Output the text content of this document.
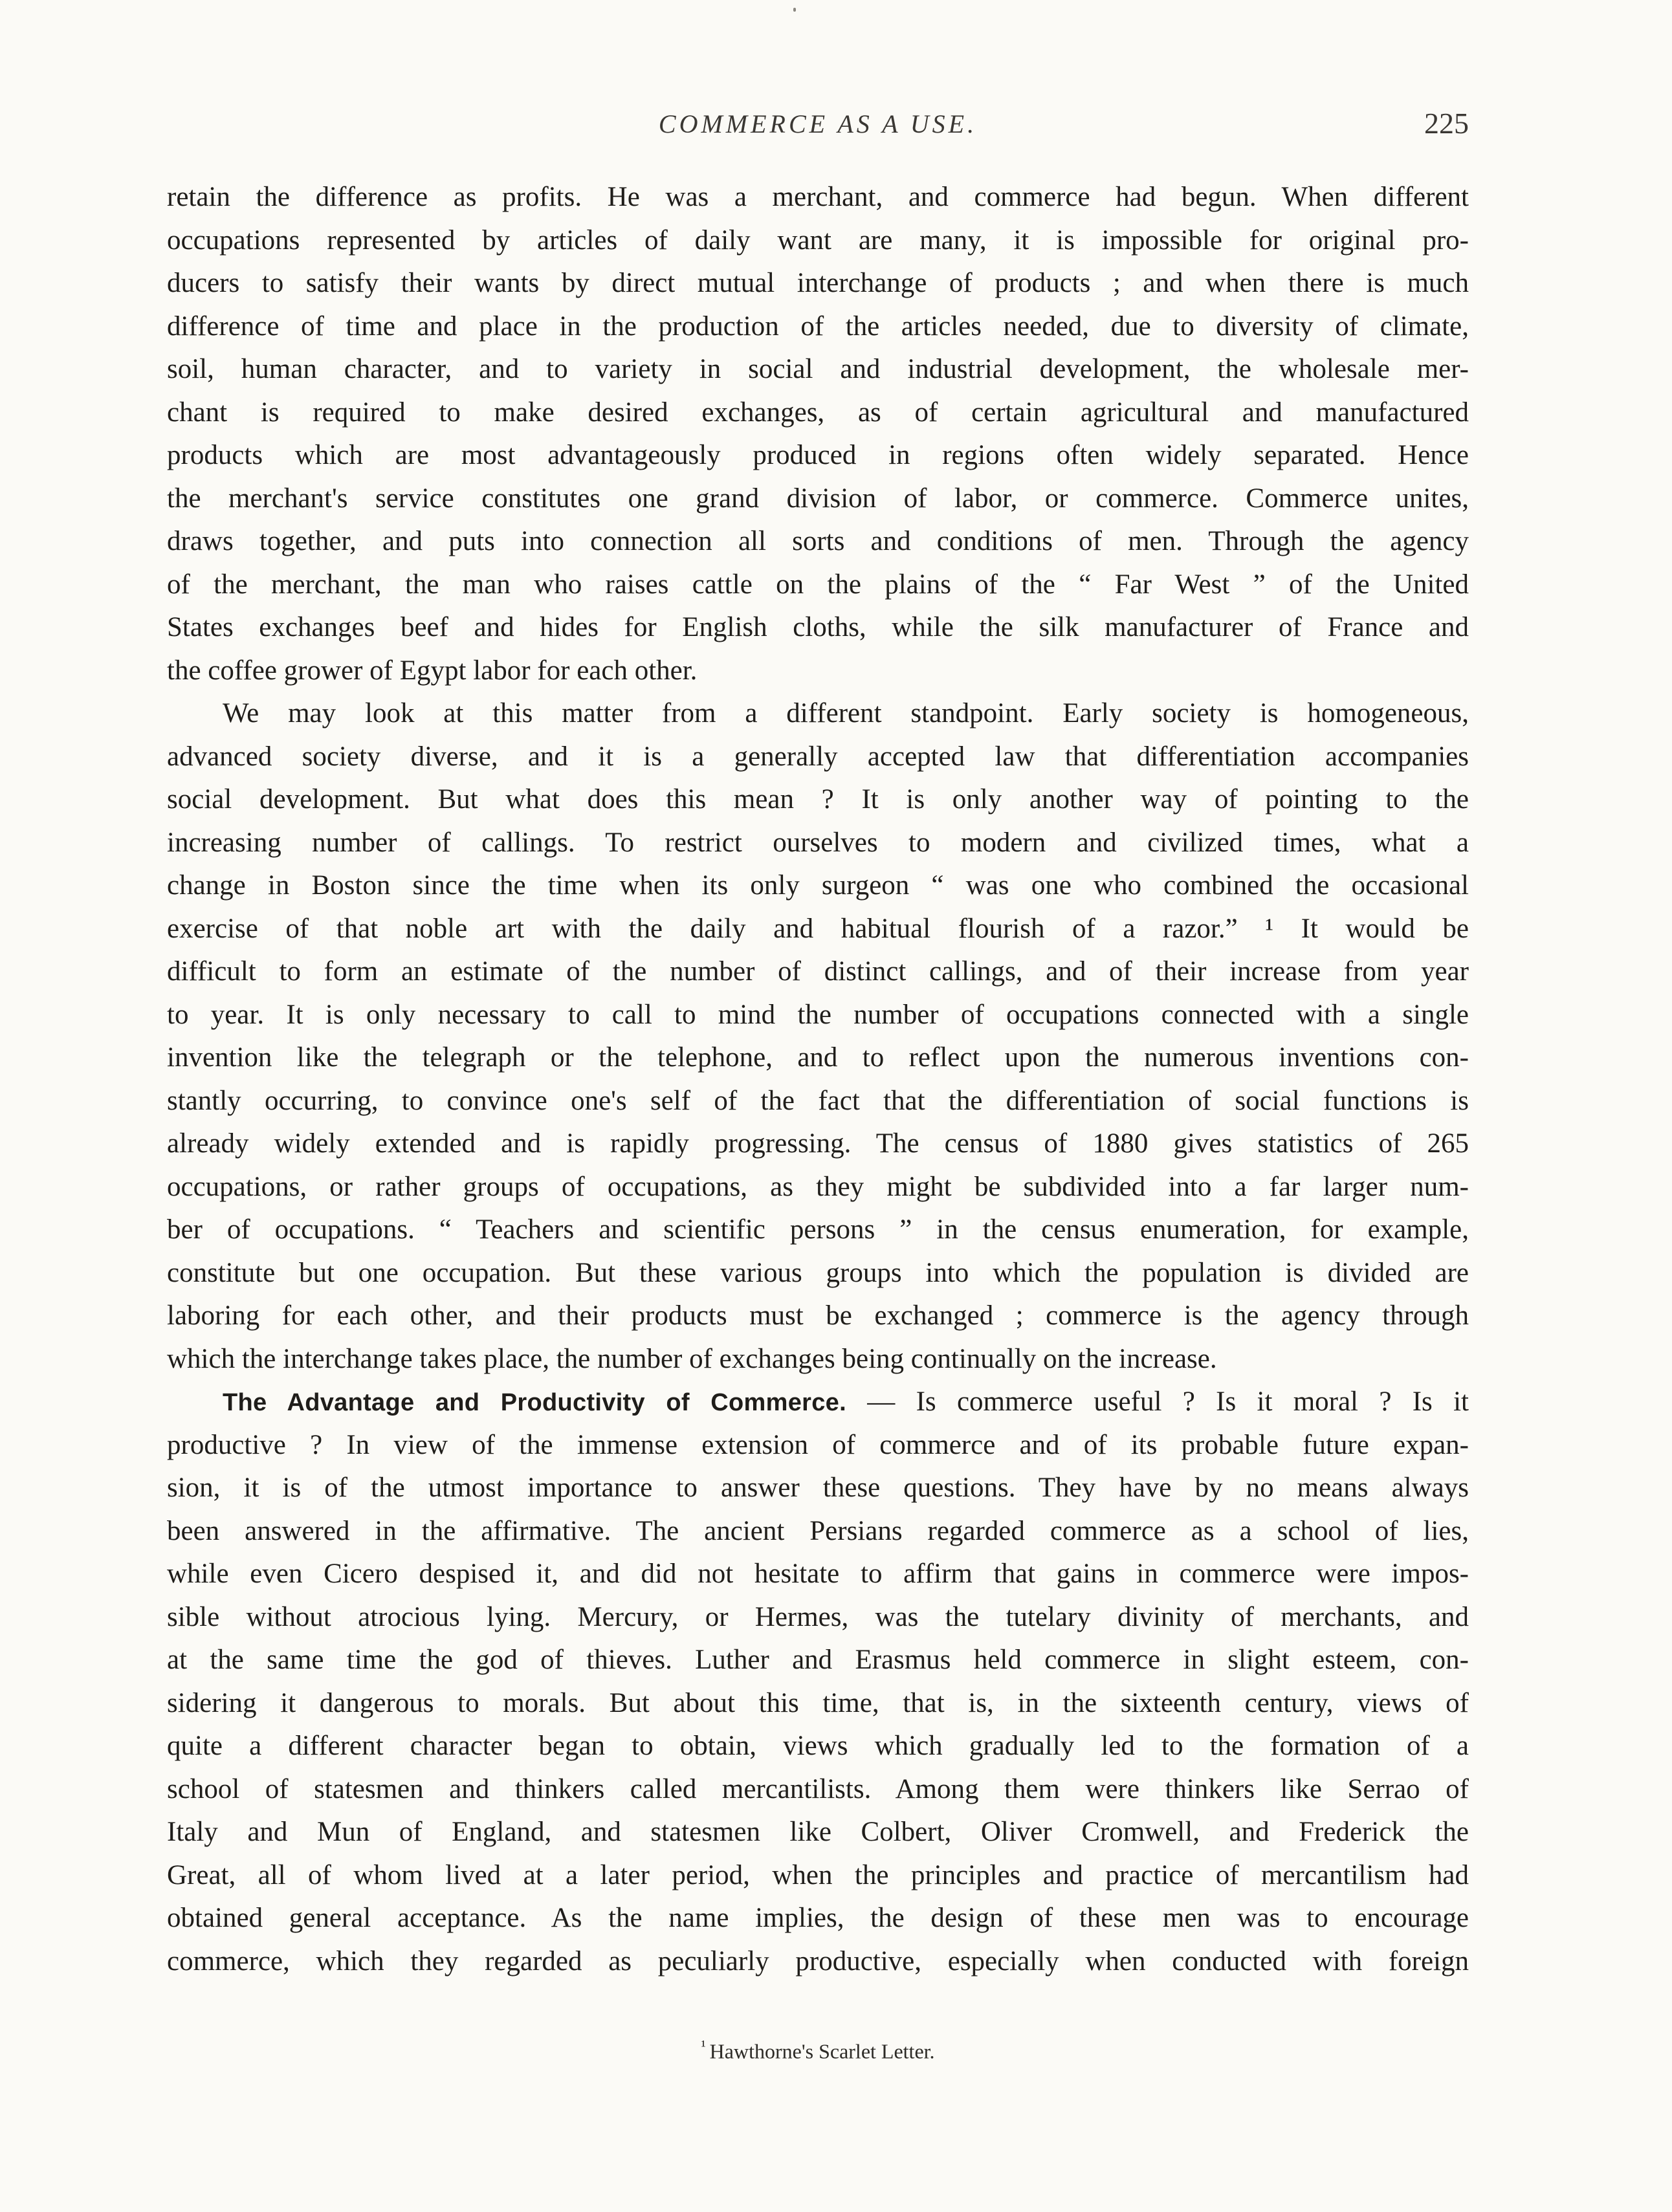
COMMERCE AS A USE.	225
retain the difference as profits. He was a merchant, and commerce had begun. When different
occupations represented by articles of daily want are many, it is impossible for original pro-
ducers to satisfy their wants by direct mutual interchange of products ; and when there is much
difference of time and place in the production of the articles needed, due to diversity of climate,
soil, human character, and to variety in social and industrial development, the wholesale mer-
chant is required to make desired exchanges, as of certain agricultural and manufactured
products which are most advantageously produced in regions often widely separated. Hence
the merchant's service constitutes one grand division of labor, or commerce. Commerce unites,
draws together, and puts into connection all sorts and conditions of men. Through the agency
of the merchant, the man who raises cattle on the plains of the “ Far West ” of the United
States exchanges beef and hides for English cloths, while the silk manufacturer of France and
the coffee grower of Egypt labor for each other.
We may look at this matter from a different standpoint. Early society is homogeneous,
advanced society diverse, and it is a generally accepted law that differentiation accompanies
social development. But what does this mean ? It is only another way of pointing to the
increasing number of callings. To restrict ourselves to modern and civilized times, what a
change in Boston since the time when its only surgeon “ was one who combined the occasional
exercise of that noble art with the daily and habitual flourish of a razor.” ¹ It would be
difficult to form an estimate of the number of distinct callings, and of their increase from year
to year. It is only necessary to call to mind the number of occupations connected with a single
invention like the telegraph or the telephone, and to reflect upon the numerous inventions con-
stantly occurring, to convince one's self of the fact that the differentiation of social functions is
already widely extended and is rapidly progressing. The census of 1880 gives statistics of 265
occupations, or rather groups of occupations, as they might be subdivided into a far larger num-
ber of occupations. “ Teachers and scientific persons ” in the census enumeration, for example,
constitute but one occupation. But these various groups into which the population is divided are
laboring for each other, and their products must be exchanged ; commerce is the agency through
which the interchange takes place, the number of exchanges being continually on the increase.
The Advantage and Productivity of Commerce. — Is commerce useful ? Is it moral ? Is it
productive ? In view of the immense extension of commerce and of its probable future expan-
sion, it is of the utmost importance to answer these questions. They have by no means always
been answered in the affirmative. The ancient Persians regarded commerce as a school of lies,
while even Cicero despised it, and did not hesitate to affirm that gains in commerce were impos-
sible without atrocious lying. Mercury, or Hermes, was the tutelary divinity of merchants, and
at the same time the god of thieves. Luther and Erasmus held commerce in slight esteem, con-
sidering it dangerous to morals. But about this time, that is, in the sixteenth century, views of
quite a different character began to obtain, views which gradually led to the formation of a
school of statesmen and thinkers called mercantilists. Among them were thinkers like Serrao of
Italy and Mun of England, and statesmen like Colbert, Oliver Cromwell, and Frederick the
Great, all of whom lived at a later period, when the principles and practice of mercantilism had
obtained general acceptance. As the name implies, the design of these men was to encourage
commerce, which they regarded as peculiarly productive, especially when conducted with foreign
$^{^1}$ Hawthorne's Scarlet Letter.
